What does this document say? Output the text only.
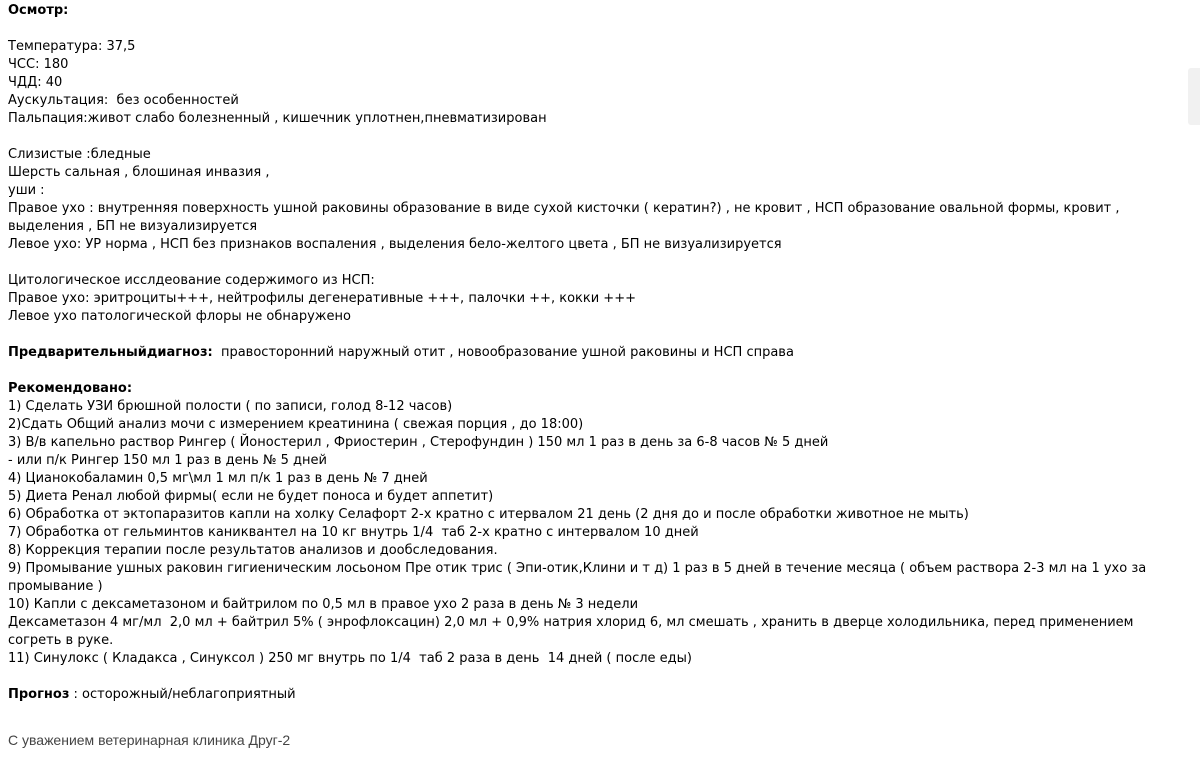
Осмотр:
Температура: 37,5
ЧСС: 180
ЧДД: 40
Аускультация:  без особенностей
Пальпация:живот слабо болезненный , кишечник уплотнен,пневматизирован
Слизистые :бледные
Шерсть сальная , блошиная инвазия ,
уши :
Правое ухо : внутренняя поверхность ушной раковины образование в виде сухой кисточки ( кератин?) , не кровит , НСП образование овальной формы, кровит , выделения , БП не визуализируется
Левое ухо: УР норма , НСП без признаков воспаления , выделения бело-желтого цвета , БП не визуализируется
Цитологическое исслдеование содержимого из НСП:
Правое ухо: эритроциты+++, нейтрофилы дегенеративные +++, палочки ++, кокки +++
Левое ухо патологической флоры не обнаружено
Предварительныйдиагноз: правосторонний наружный отит , новообразование ушной раковины и НСП справа
Рекомендовано:
1) Сделать УЗИ брюшной полости ( по записи, голод 8-12 часов)
2)Сдать Общий анализ мочи с измерением креатинина ( свежая порция , до 18:00)
3) В/в капельно раствор Рингер ( Йоностерил , Фриостерин , Стерофундин ) 150 мл 1 раз в день за 6-8 часов № 5 дней
- или п/к Рингер 150 мл 1 раз в день № 5 дней
4) Цианокобаламин 0,5 мг\мл 1 мл п/к 1 раз в день № 7 дней
5) Диета Ренал любой фирмы( если не будет поноса и будет аппетит)
6) Обработка от эктопаразитов капли на холку Селафорт 2-х кратно с итервалом 21 день (2 дня до и после обработки животное не мыть)
7) Обработка от гельминтов каниквантел на 10 кг внутрь 1/4  таб 2-х кратно с интервалом 10 дней
8) Коррекция терапии после результатов анализов и дообследования.
9) Промывание ушных раковин гигиеническим лосьоном Пре отик трис ( Эпи-отик,Клини и т д) 1 раз в 5 дней в течение месяца ( объем раствора 2-3 мл на 1 ухо за промывание )
10) Капли с дексаметазоном и байтрилом по 0,5 мл в правое ухо 2 раза в день № 3 недели
Дексаметазон 4 мг/мл  2,0 мл + байтрил 5% ( энрофлоксацин) 2,0 мл + 0,9% натрия хлорид 6, мл смешать , хранить в дверце холодильника, перед применением согреть в руке.
11) Синулокс ( Кладакса , Синуксол ) 250 мг внутрь по 1/4  таб 2 раза в день  14 дней ( после еды)
Прогноз : осторожный/неблагоприятный
С уважением ветеринарная клиника Друг-2
